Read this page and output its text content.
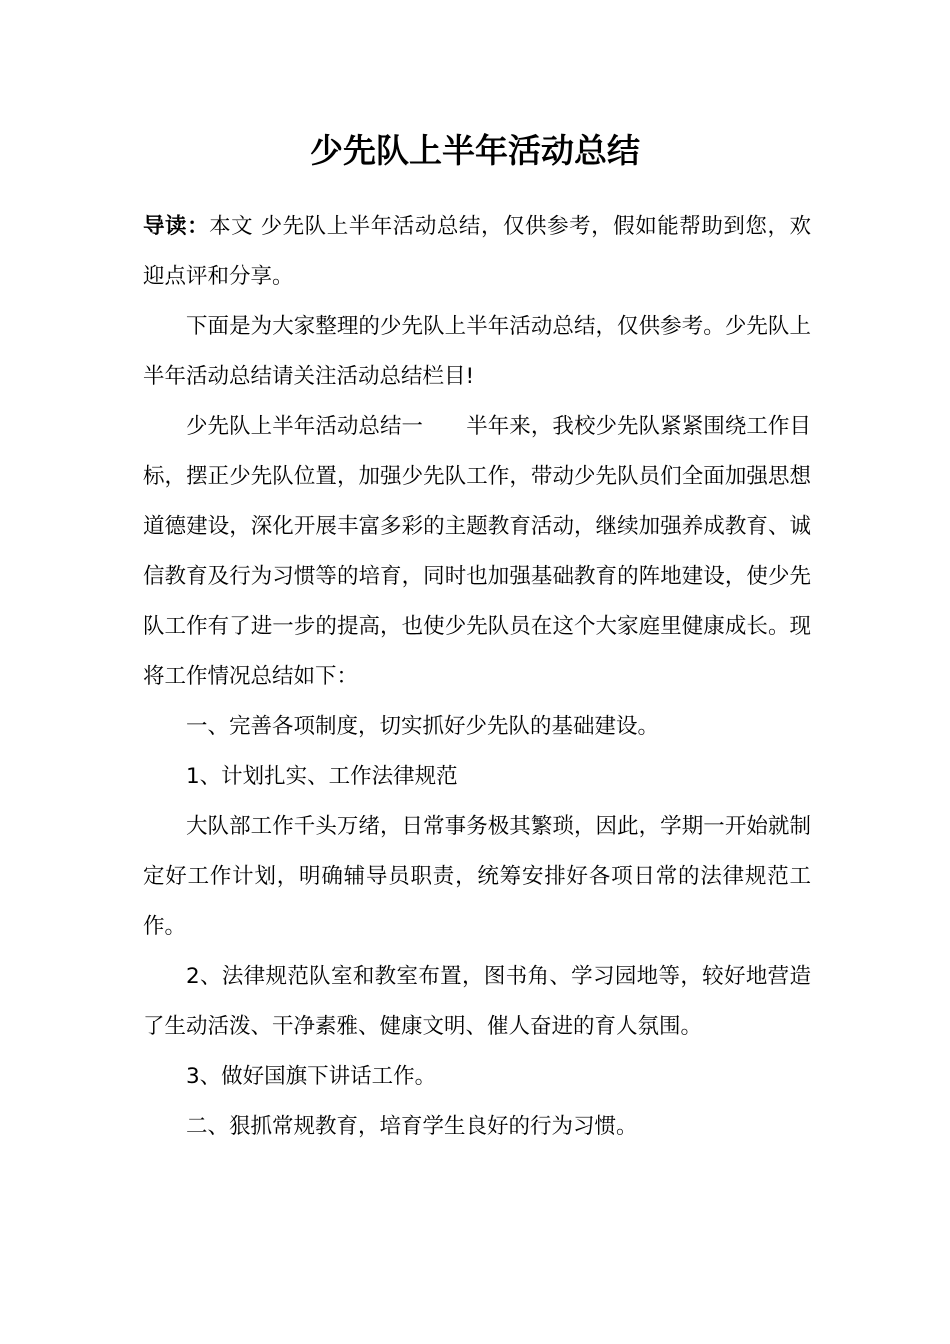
少先队上半年活动总结

导读：本文 少先队上半年活动总结，仅供参考，假如能帮助到您，欢迎点评和分享。

下面是为大家整理的少先队上半年活动总结，仅供参考。少先队上半年活动总结请关注活动总结栏目!

少先队上半年活动总结一　　半年来，我校少先队紧紧围绕工作目标，摆正少先队位置，加强少先队工作，带动少先队员们全面加强思想道德建设，深化开展丰富多彩的主题教育活动，继续加强养成教育、诚信教育及行为习惯等的培育，同时也加强基础教育的阵地建设，使少先队工作有了进一步的提高，也使少先队员在这个大家庭里健康成长。现将工作情况总结如下：

一、完善各项制度，切实抓好少先队的基础建设。

1、计划扎实、工作法律规范

大队部工作千头万绪，日常事务极其繁琐，因此，学期一开始就制定好工作计划，明确辅导员职责，统筹安排好各项日常的法律规范工作。

2、法律规范队室和教室布置，图书角、学习园地等，较好地营造了生动活泼、干净素雅、健康文明、催人奋进的育人氛围。

3、做好国旗下讲话工作。

二、狠抓常规教育，培育学生良好的行为习惯。
